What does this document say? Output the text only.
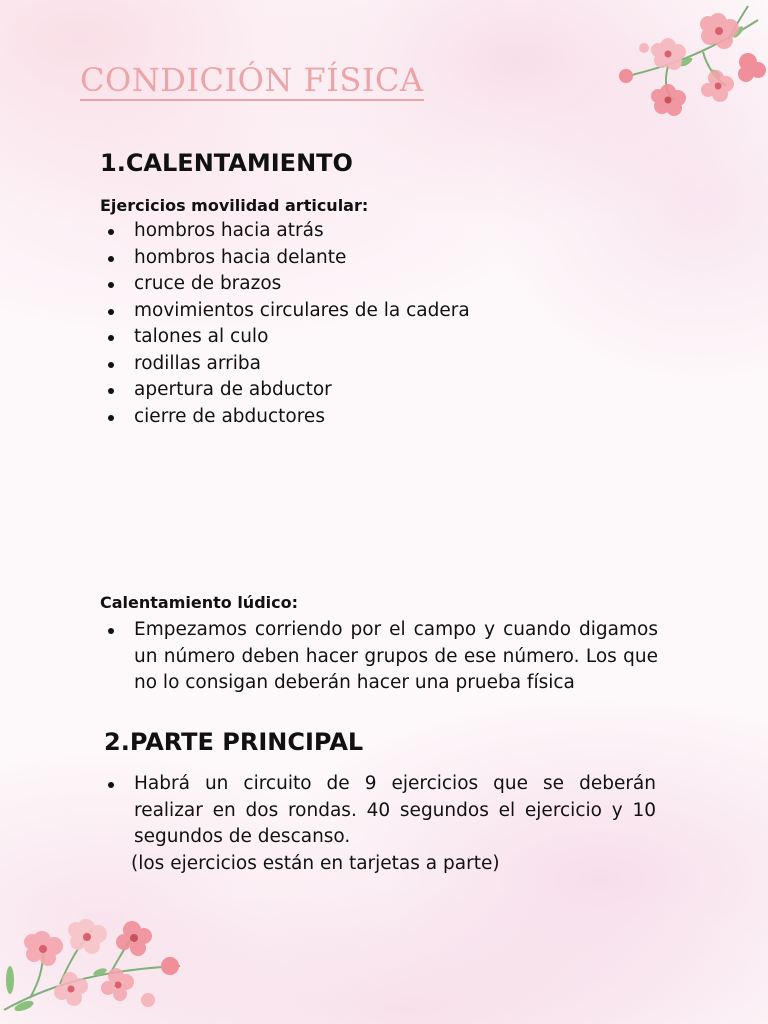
CONDICIÓN FÍSICA
1.CALENTAMIENTO

Ejercicios movilidad articular:

hombros hacia atrás
hombros hacia delante
cruce de brazos
movimientos circulares de la cadera
talones al culo
rodillas arriba
apertura de abductor
cierre de abductores

Calentamiento lúdico:

Empezamos corriendo por el campo y cuando digamos un número deben hacer grupos de ese número. Los que no lo consigan deberán hacer una prueba física

2.PARTE PRINCIPAL

Habrá un circuito de 9 ejercicios que se deberán realizar en dos rondas. 40 segundos el ejercicio y 10 segundos de descanso.

(los ejercicios están en tarjetas a parte)
